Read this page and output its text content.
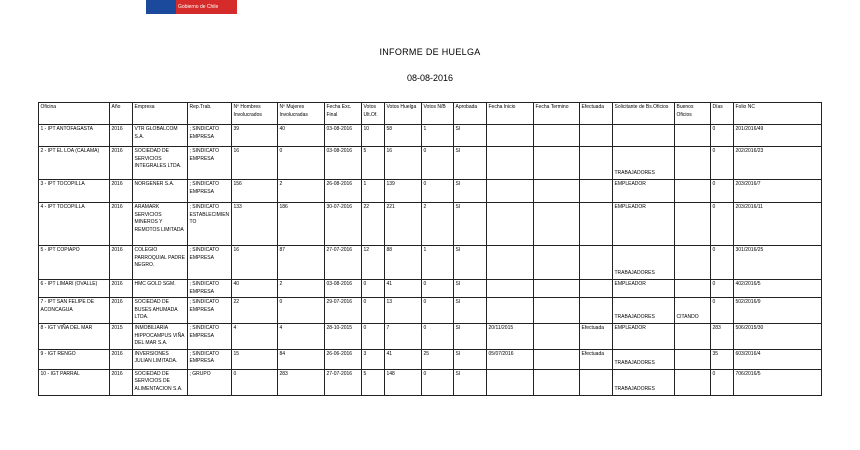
Gobierno de Chile
INFORME DE HUELGA
08-08-2016
Oficina	Año	Empresa	Rep.Trab.	Nº Hombres Involucrados	Nº Mujeres Involucradas	Fecha Exc. Final	Votos Ult.Of.	Votos Huelga	Votos N/B	Aprobada	Fecha Inicio	Fecha Termino	Efectuada	Solicitante de Bs.Oficios	Buenos Oficios	Días	Folio NC
1 - IPT ANTOFAGASTA	2016	VTR GLOBALCOM S.A.	; SINDICATO EMPRESA	39	40	03-08-2016	10	58	1	SI						0	201/2016/49
2 - IPT EL LOA (CALAMA)	2016	SOCIEDAD DE SERVICIOS INTEGRALES LTDA.	; SINDICATO EMPRESA	16	0	03-08-2016	5	16	0	SI				TRABAJADORES		0	202/2016/23
3 - IPT TOCOPILLA	2016	NORGENER S.A.	; SINDICATO EMPRESA	156	2	26-08-2016	1	139	0	SI				EMPLEADOR		0	203/2016/7
4 - IPT TOCOPILLA	2016	ARAMARK SERVICIOS MINEROS Y REMOTOS LIMITADA	; SINDICATO ESTABLECIMIENTO	133	186	30-07-2016	22	221	2	SI				EMPLEADOR		0	203/2016/11
5 - IPT COPIAPO	2016	COLEGIO PARROQUIAL PADRE NEGRO.	; SINDICATO EMPRESA	16	87	27-07-2016	12	88	1	SI				TRABAJADORES		0	301/2016/25
6 - IPT LIMARI (OVALLE)	2016	HMC GOLD SGM.	; SINDICATO EMPRESA	40	2	03-08-2016	0	41	0	SI				EMPLEADOR		0	402/2016/5
7 - IPT SAN FELIPE DE ACONCAGUA	2016	SOCIEDAD DE BUSES AHUMADA LTDA.	; SINDICATO EMPRESA	22	0	29-07-2016	0	13	0	SI				TRABAJADORES	CITANDO	0	502/2016/9
8 - IGT VIÑA DEL MAR	2015	INMOBILIARIA HIPPOCAMPUS VIÑA DEL MAR S.A.	; SINDICATO EMPRESA	4	4	28-10-2015	0	7	0	SI	20/11/2015		Efectuada	EMPLEADOR		283	506/2015/30
9 - IGT RENGO	2016	INVERSIONES JULIAN LIMITADA.	; SINDICATO EMPRESA	15	84	26-06-2016	3	41	25	SI	05/07/2016		Efectuada	TRABAJADORES		35	603/2016/4
10 - IGT PARRAL	2016	SOCIEDAD DE SERVICIOS DE ALIMENTACION S.A.	; GRUPO	0	283	27-07-2016	5	148	0	SI				TRABAJADORES		0	706/2016/5
